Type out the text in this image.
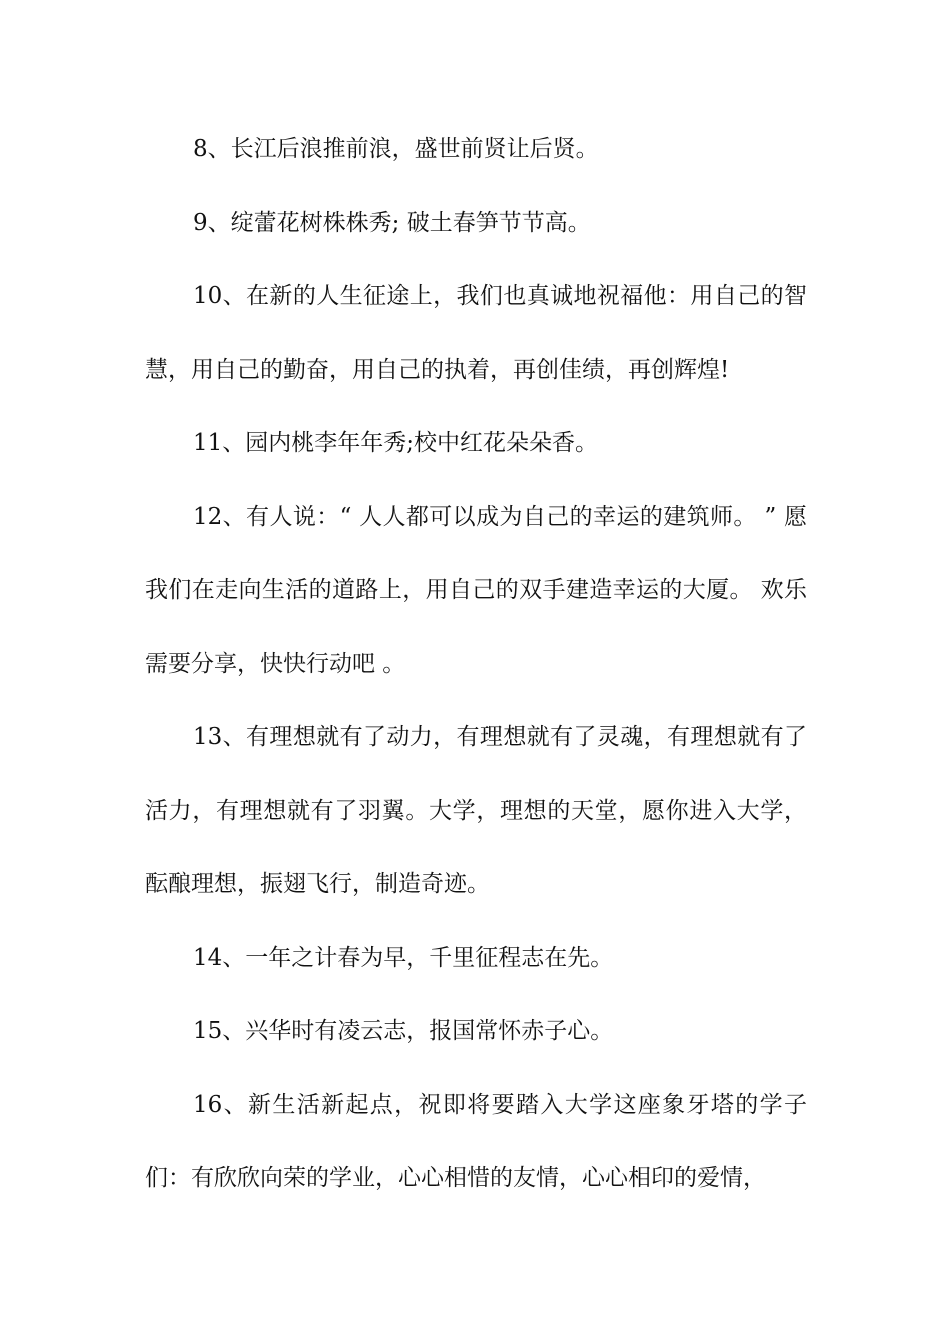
8、长江后浪推前浪，盛世前贤让后贤。

9、绽蕾花树株株秀; 破土春笋节节高。

10、在新的人生征途上，我们也真诚地祝福他：用自己的智慧，用自己的勤奋，用自己的执着，再创佳绩，再创辉煌!

11、园内桃李年年秀;校中红花朵朵香。

12、有人说：“ 人人都可以成为自己的幸运的建筑师。 ” 愿我们在走向生活的道路上，用自己的双手建造幸运的大厦。 欢乐需要分享，快快行动吧 。

13、有理想就有了动力，有理想就有了灵魂，有理想就有了活力，有理想就有了羽翼。大学，理想的天堂，愿你进入大学，酝酿理想，振翅飞行，制造奇迹。

14、一年之计春为早，千里征程志在先。

15、兴华时有凌云志，报国常怀赤子心。

16、新生活新起点，祝即将要踏入大学这座象牙塔的学子们：有欣欣向荣的学业，心心相惜的友情，心心相印的爱情，
